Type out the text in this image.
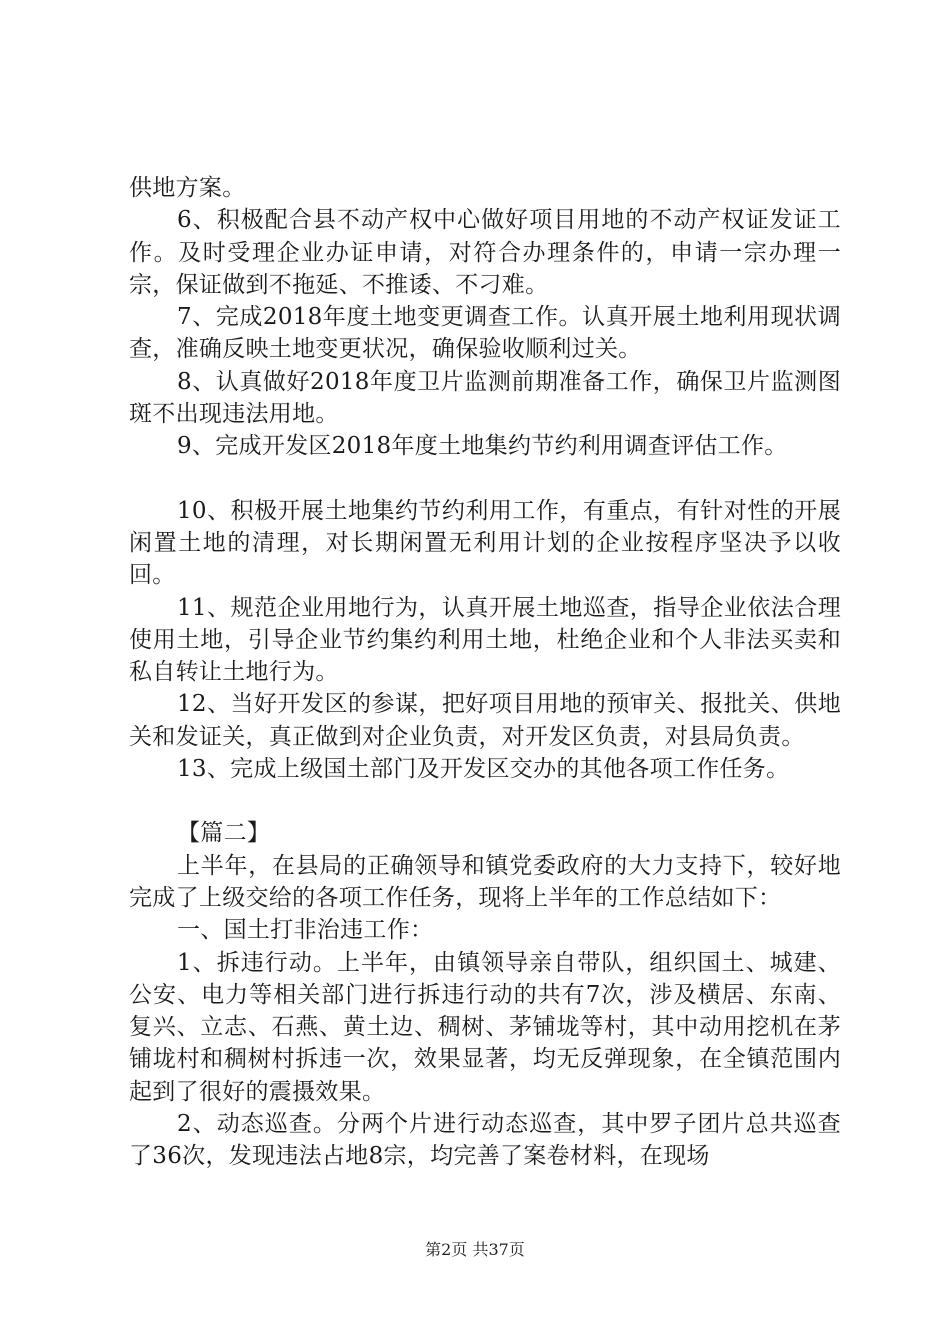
供地方案。

6、积极配合县不动产权中心做好项目用地的不动产权证发证工作。及时受理企业办证申请，对符合办理条件的，申请一宗办理一宗，保证做到不拖延、不推诿、不刁难。

7、完成2018年度土地变更调查工作。认真开展土地利用现状调查，准确反映土地变更状况，确保验收顺利过关。

8、认真做好2018年度卫片监测前期准备工作，确保卫片监测图斑不出现违法用地。

9、完成开发区2018年度土地集约节约利用调查评估工作。

10、积极开展土地集约节约利用工作，有重点，有针对性的开展闲置土地的清理，对长期闲置无利用计划的企业按程序坚决予以收回。

11、规范企业用地行为，认真开展土地巡查，指导企业依法合理使用土地，引导企业节约集约利用土地，杜绝企业和个人非法买卖和私自转让土地行为。

12、当好开发区的参谋，把好项目用地的预审关、报批关、供地关和发证关，真正做到对企业负责，对开发区负责，对县局负责。

13、完成上级国土部门及开发区交办的其他各项工作任务。

【篇二】

上半年，在县局的正确领导和镇党委政府的大力支持下，较好地完成了上级交给的各项工作任务，现将上半年的工作总结如下：

一、国土打非治违工作：

1、拆违行动。上半年，由镇领导亲自带队，组织国土、城建、公安、电力等相关部门进行拆违行动的共有7次，涉及横居、东南、复兴、立志、石燕、黄土边、稠树、茅铺垅等村，其中动用挖机在茅铺垅村和稠树村拆违一次，效果显著，均无反弹现象，在全镇范围内起到了很好的震摄效果。

2、动态巡查。分两个片进行动态巡查，其中罗子团片总共巡查了36次，发现违法占地8宗，均完善了案卷材料，在现场

第2页 共37页
